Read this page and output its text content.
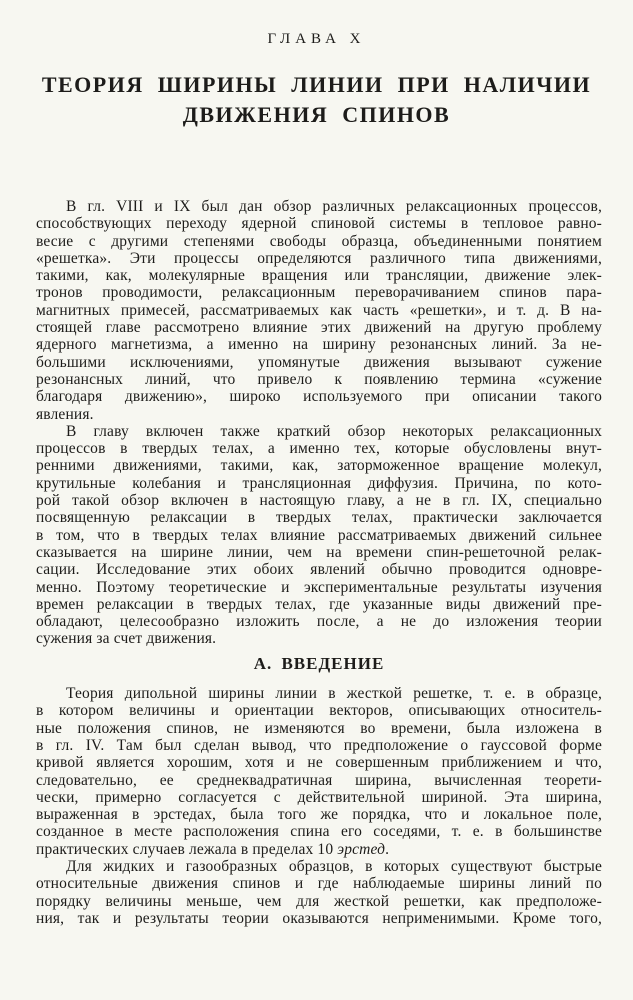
ГЛАВА X
ТЕОРИЯ ШИРИНЫ ЛИНИИ ПРИ НАЛИЧИИ
ДВИЖЕНИЯ СПИНОВ
В гл. VIII и IX был дан обзор различных релаксационных процессов,
способствующих переходу ядерной спиновой системы в тепловое равно-
весие с другими степенями свободы образца, объединенными понятием
«решетка». Эти процессы определяются различного типа движениями,
такими, как, молекулярные вращения или трансляции, движение элек-
тронов проводимости, релаксационным переворачиванием спинов пара-
магнитных примесей, рассматриваемых как часть «решетки», и т. д. В на-
стоящей главе рассмотрено влияние этих движений на другую проблему
ядерного магнетизма, а именно на ширину резонансных линий. За не-
большими исключениями, упомянутые движения вызывают сужение
резонансных линий, что привело к появлению термина «сужение
благодаря движению», широко используемого при описании такого
явления.
В главу включен также краткий обзор некоторых релаксационных
процессов в твердых телах, а именно тех, которые обусловлены внут-
ренними движениями, такими, как, заторможенное вращение молекул,
крутильные колебания и трансляционная диффузия. Причина, по кото-
рой такой обзор включен в настоящую главу, а не в гл. IX, специально
посвященную релаксации в твердых телах, практически заключается
в том, что в твердых телах влияние рассматриваемых движений сильнее
сказывается на ширине линии, чем на времени спин-решеточной релак-
сации. Исследование этих обоих явлений обычно проводится одновре-
менно. Поэтому теоретические и экспериментальные результаты изучения
времен релаксации в твердых телах, где указанные виды движений пре-
обладают, целесообразно изложить после, а не до изложения теории
сужения за счет движения.
А. ВВЕДЕНИЕ
Теория дипольной ширины линии в жесткой решетке, т. е. в образце,
в котором величины и ориентации векторов, описывающих относитель-
ные положения спинов, не изменяются во времени, была изложена в
в гл. IV. Там был сделан вывод, что предположение о гауссовой форме
кривой является хорошим, хотя и не совершенным приближением и что,
следовательно, ее среднеквадратичная ширина, вычисленная теорети-
чески, примерно согласуется с действительной шириной. Эта ширина,
выраженная в эрстедах, была того же порядка, что и локальное поле,
созданное в месте расположения спина его соседями, т. е. в большинстве
практических случаев лежала в пределах 10 эрстед.
Для жидких и газообразных образцов, в которых существуют быстрые
относительные движения спинов и где наблюдаемые ширины линий по
порядку величины меньше, чем для жесткой решетки, как предположе-
ния, так и результаты теории оказываются неприменимыми. Кроме того,
